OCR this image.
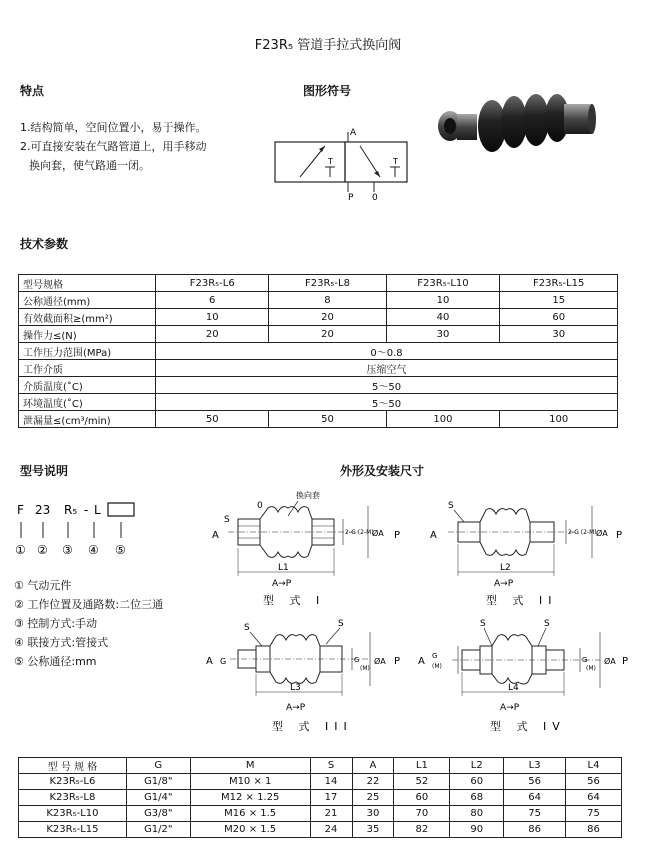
F23R₅ 管道手拉式换向阀
特点
1.结构简单，空间位置小，易于操作。
2.可直接安装在气路管道上，用手移动
换向套，使气路通一闭。
图形符号
A
P 0
T	T
技术参数
型号规格	F23R₅-L6	F23R₅-L8	F23R₅-L10	F23R₅-L15
公称通径(mm)	6	8	10	15
有效截面积≥(mm²)	10	20	40	60
操作力≤(N)	20	20	30	30
工作压力范围(MPa)	0～0.8			
工作介质	压缩空气			
介质温度(˚C)	5～50			
环境温度(˚C)	5～50			
泄漏量≤(cm³/min)	50	50	100	100
型号说明
F 23 R₅ - L
① ② ③ ④ ⑤
① 气动元件
② 工作位置及通路数:二位三通
③ 控制方式:手动
④ 联接方式:管接式
⑤ 公称通径:mm
外形及安装尺寸
A
S
0
换向套
2-G (2-M)
ØA P
L1
A→P
型 式 I
A
S
2-G (2-M) ØA P
L2
A→P
型 式 II
A G
S	S
G
(M)
ØA P
L3
A→P
型 式 III
A G
(M)
S	S
G
(M)
ØA P
L4
A→P
型 式 IV
型 号 规 格	G	M	S	A	L1	L2	L3	L4
K23R₅-L6	G1/8"	M10 × 1	14	22	52	60	56	56
K23R₅-L8	G1/4"	M12 × 1.25	17	25	60	68	64	64
K23R₅-L10	G3/8"	M16 × 1.5	21	30	70	80	75	75
K23R₅-L15	G1/2"	M20 × 1.5	24	35	82	90	86	86
